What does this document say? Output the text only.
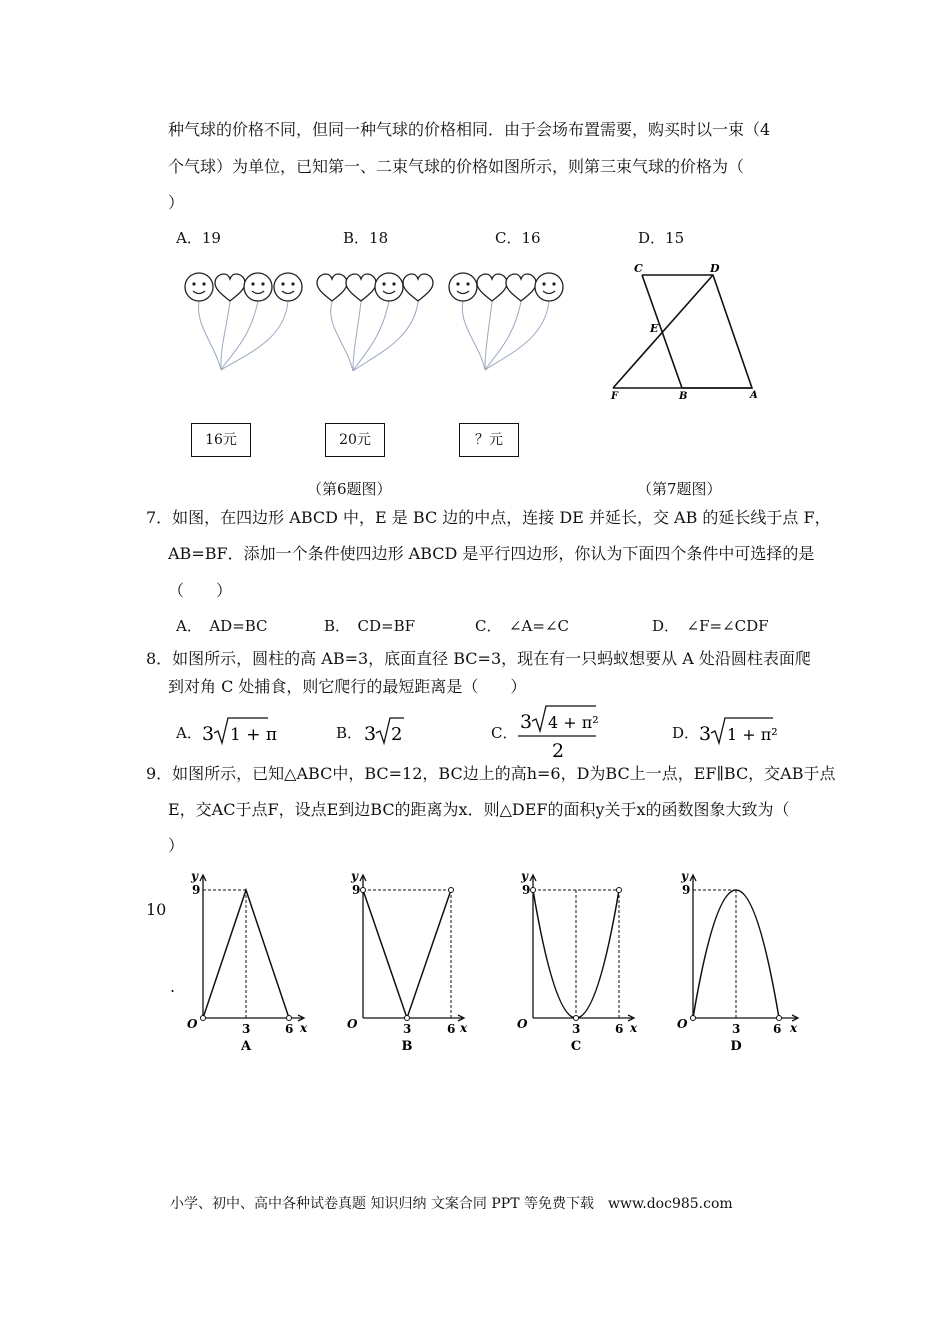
种气球的价格不同，但同一种气球的价格相同．由于会场布置需要，购买时以一束（4
个气球）为单位，已知第一、二束气球的价格如图所示，则第三束气球的价格为（
）
A．19	B．18	C．16	D．15
16元	20元	？元
C	D
E
F	B	A
（第6题图）	（第7题图）
7．如图，在四边形 ABCD 中，E 是 BC 边的中点，连接 DE 并延长，交 AB 的延长线于点 F，
AB=BF．添加一个条件使四边形 ABCD 是平行四边形，你认为下面四个条件中可选择的是
（　　）
A．　AD=BC	B．　CD=BF	C．　∠A=∠C	D．　∠F=∠CDF
8．如图所示，圆柱的高 AB=3，底面直径 BC=3，现在有一只蚂蚁想要从 A 处沿圆柱表面爬
到对角 C 处捕食，则它爬行的最短距离是（　　）
A． 3 1 + π	B． 3 2	C． 3 4 + π²
2
D． 3 1 + π²
9．如图所示，已知△ABC中，BC=12，BC边上的高h=6，D为BC上一点，EF∥BC，交AB于点
E，交AC于点F，设点E到边BC的距离为x．则△DEF的面积y关于x的函数图象大致为（
）
10
.
y
9
O	3	6 x
A
y
9
O	3	6 x
B
y
9
O	3	6 x
C
y
9
O	3	6 x
D
小学、初中、高中各种试卷真题 知识归纳 文案合同 PPT 等免费下载　www.doc985.com
